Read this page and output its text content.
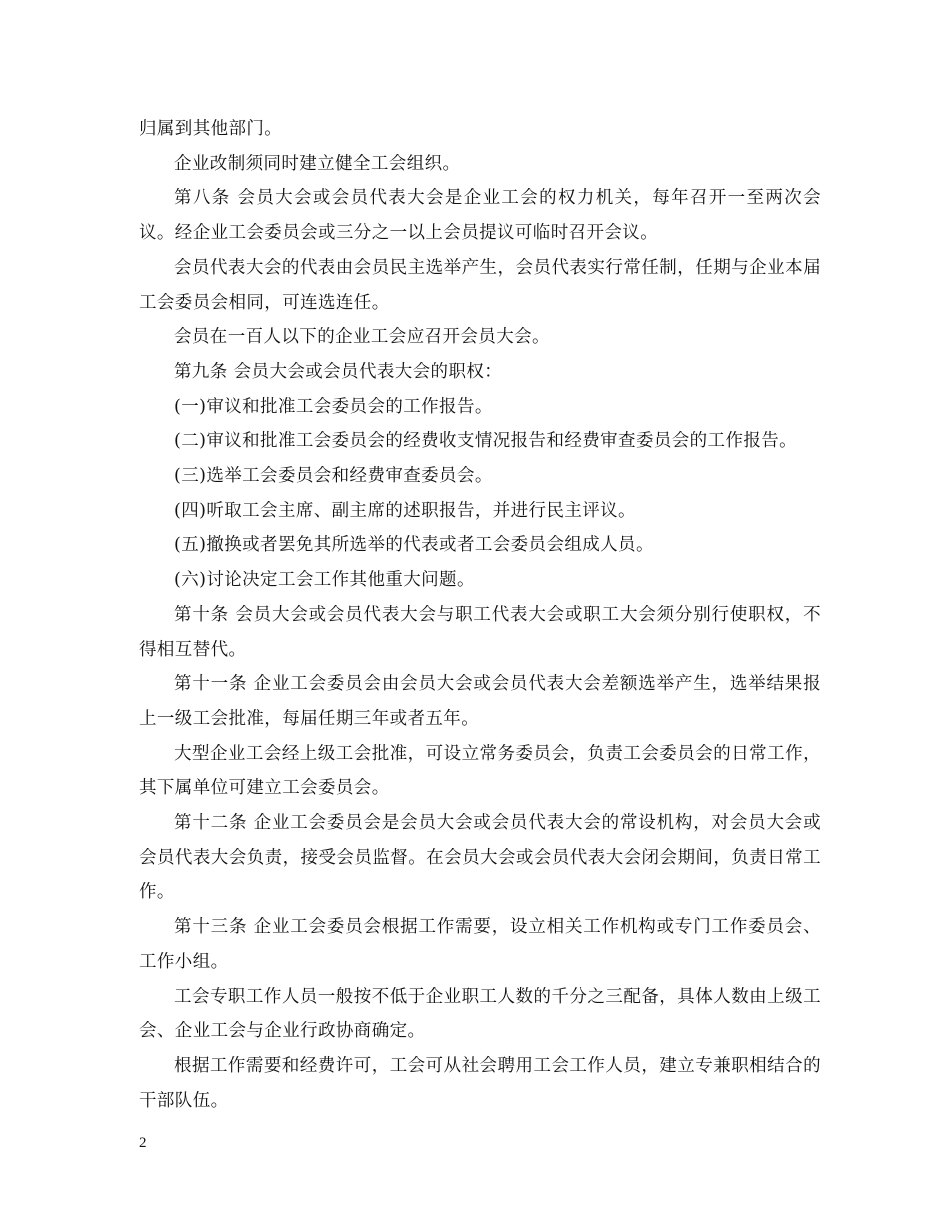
归属到其他部门。

企业改制须同时建立健全工会组织。

第八条 会员大会或会员代表大会是企业工会的权力机关，每年召开一至两次会议。经企业工会委员会或三分之一以上会员提议可临时召开会议。

会员代表大会的代表由会员民主选举产生，会员代表实行常任制，任期与企业本届工会委员会相同，可连选连任。

会员在一百人以下的企业工会应召开会员大会。

第九条 会员大会或会员代表大会的职权：

(一)审议和批准工会委员会的工作报告。

(二)审议和批准工会委员会的经费收支情况报告和经费审查委员会的工作报告。

(三)选举工会委员会和经费审查委员会。

(四)听取工会主席、副主席的述职报告，并进行民主评议。

(五)撤换或者罢免其所选举的代表或者工会委员会组成人员。

(六)讨论决定工会工作其他重大问题。

第十条 会员大会或会员代表大会与职工代表大会或职工大会须分别行使职权，不得相互替代。

第十一条 企业工会委员会由会员大会或会员代表大会差额选举产生，选举结果报上一级工会批准，每届任期三年或者五年。

大型企业工会经上级工会批准，可设立常务委员会，负责工会委员会的日常工作，其下属单位可建立工会委员会。

第十二条 企业工会委员会是会员大会或会员代表大会的常设机构，对会员大会或会员代表大会负责，接受会员监督。在会员大会或会员代表大会闭会期间，负责日常工作。

第十三条 企业工会委员会根据工作需要，设立相关工作机构或专门工作委员会、工作小组。

工会专职工作人员一般按不低于企业职工人数的千分之三配备，具体人数由上级工会、企业工会与企业行政协商确定。

根据工作需要和经费许可，工会可从社会聘用工会工作人员，建立专兼职相结合的干部队伍。

2
